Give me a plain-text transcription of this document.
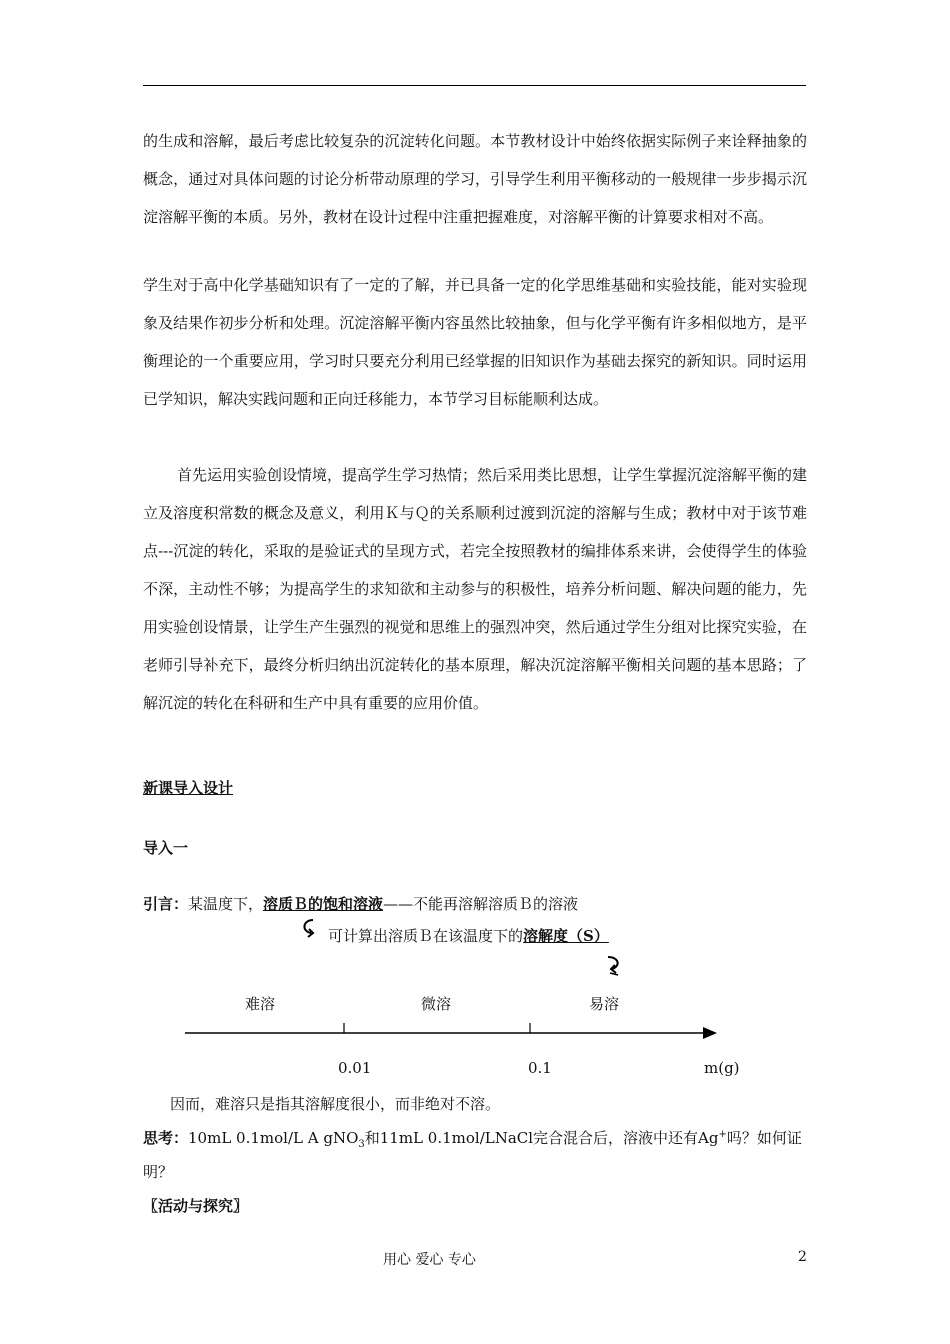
的生成和溶解，最后考虑比较复杂的沉淀转化问题。本节教材设计中始终依据实际例子来诠释抽象的概念，通过对具体问题的讨论分析带动原理的学习，引导学生利用平衡移动的一般规律一步步揭示沉淀溶解平衡的本质。另外，教材在设计过程中注重把握难度，对溶解平衡的计算要求相对不高。
学生对于高中化学基础知识有了一定的了解，并已具备一定的化学思维基础和实验技能，能对实验现象及结果作初步分析和处理。沉淀溶解平衡内容虽然比较抽象，但与化学平衡有许多相似地方，是平衡理论的一个重要应用，学习时只要充分利用已经掌握的旧知识作为基础去探究的新知识。同时运用已学知识，解决实践问题和正向迁移能力，本节学习目标能顺利达成。
首先运用实验创设情境，提高学生学习热情；然后采用类比思想，让学生掌握沉淀溶解平衡的建立及溶度积常数的概念及意义，利用Ｋ与Ｑ的关系顺利过渡到沉淀的溶解与生成；教材中对于该节难点---沉淀的转化，采取的是验证式的呈现方式，若完全按照教材的编排体系来讲，会使得学生的体验不深，主动性不够；为提高学生的求知欲和主动参与的积极性，培养分析问题、解决问题的能力，先用实验创设情景，让学生产生强烈的视觉和思维上的强烈冲突，然后通过学生分组对比探究实验，在老师引导补充下，最终分析归纳出沉淀转化的基本原理，解决沉淀溶解平衡相关问题的基本思路；了解沉淀的转化在科研和生产中具有重要的应用价值。
新课导入设计
导入一
引言：某温度下，溶质Ｂ的饱和溶液——不能再溶解溶质Ｂ的溶液
可计算出溶质Ｂ在该温度下的溶解度（S）
难溶	微溶	易溶
0.01	0.1	m(g)
因而，难溶只是指其溶解度很小，而非绝对不溶。
思考：10mL 0.1mol/L A gNO$_3$和11mL 0.1mol/LNaCl完合混合后，溶液中还有Ag+吗？如何证
明？
〖活动与探究〗
用心 爱心 专心	2
